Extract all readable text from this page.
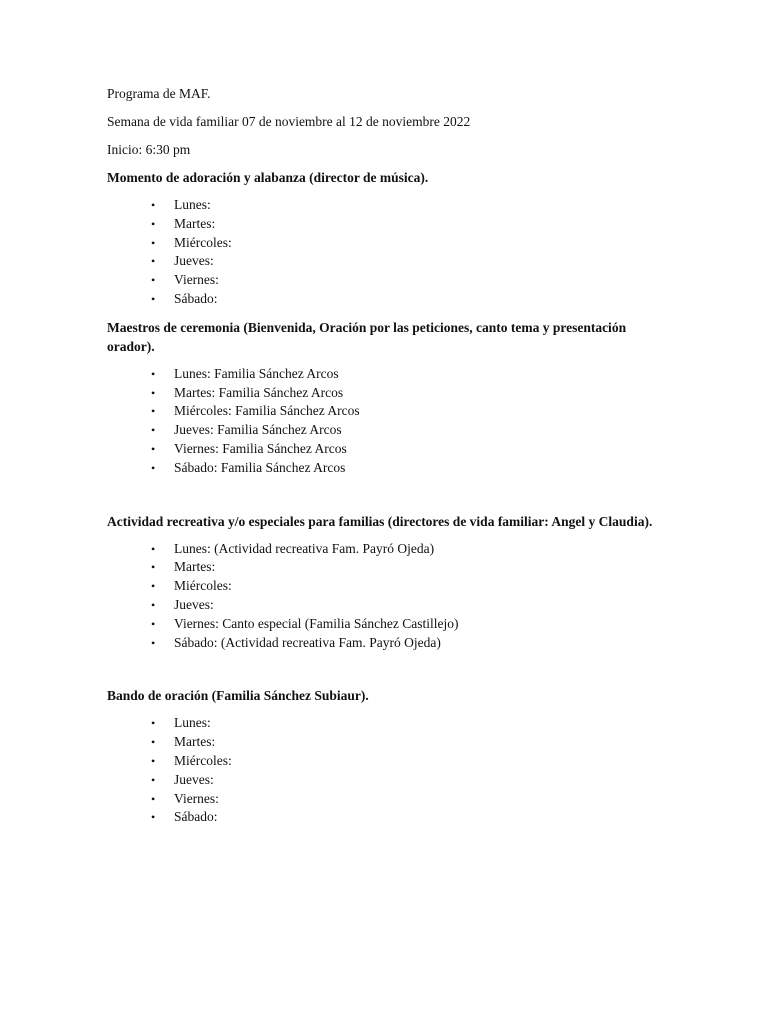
Programa de MAF.

Semana de vida familiar 07 de noviembre al 12 de noviembre 2022

Inicio: 6:30 pm

Momento de adoración y alabanza (director de música).

• Lunes:
• Martes:
• Miércoles:
• Jueves:
• Viernes:
• Sábado:

Maestros de ceremonia (Bienvenida, Oración por las peticiones, canto tema y presentación orador).

• Lunes: Familia Sánchez Arcos
• Martes: Familia Sánchez Arcos
• Miércoles: Familia Sánchez Arcos
• Jueves: Familia Sánchez Arcos
• Viernes: Familia Sánchez Arcos
• Sábado: Familia Sánchez Arcos

Actividad recreativa y/o especiales para familias (directores de vida familiar: Angel y Claudia).

• Lunes: (Actividad recreativa Fam. Payró Ojeda)
• Martes:
• Miércoles:
• Jueves:
• Viernes: Canto especial (Familia Sánchez Castillejo)
• Sábado: (Actividad recreativa Fam. Payró Ojeda)

Bando de oración (Familia Sánchez Subiaur).

• Lunes:
• Martes:
• Miércoles:
• Jueves:
• Viernes:
• Sábado:
